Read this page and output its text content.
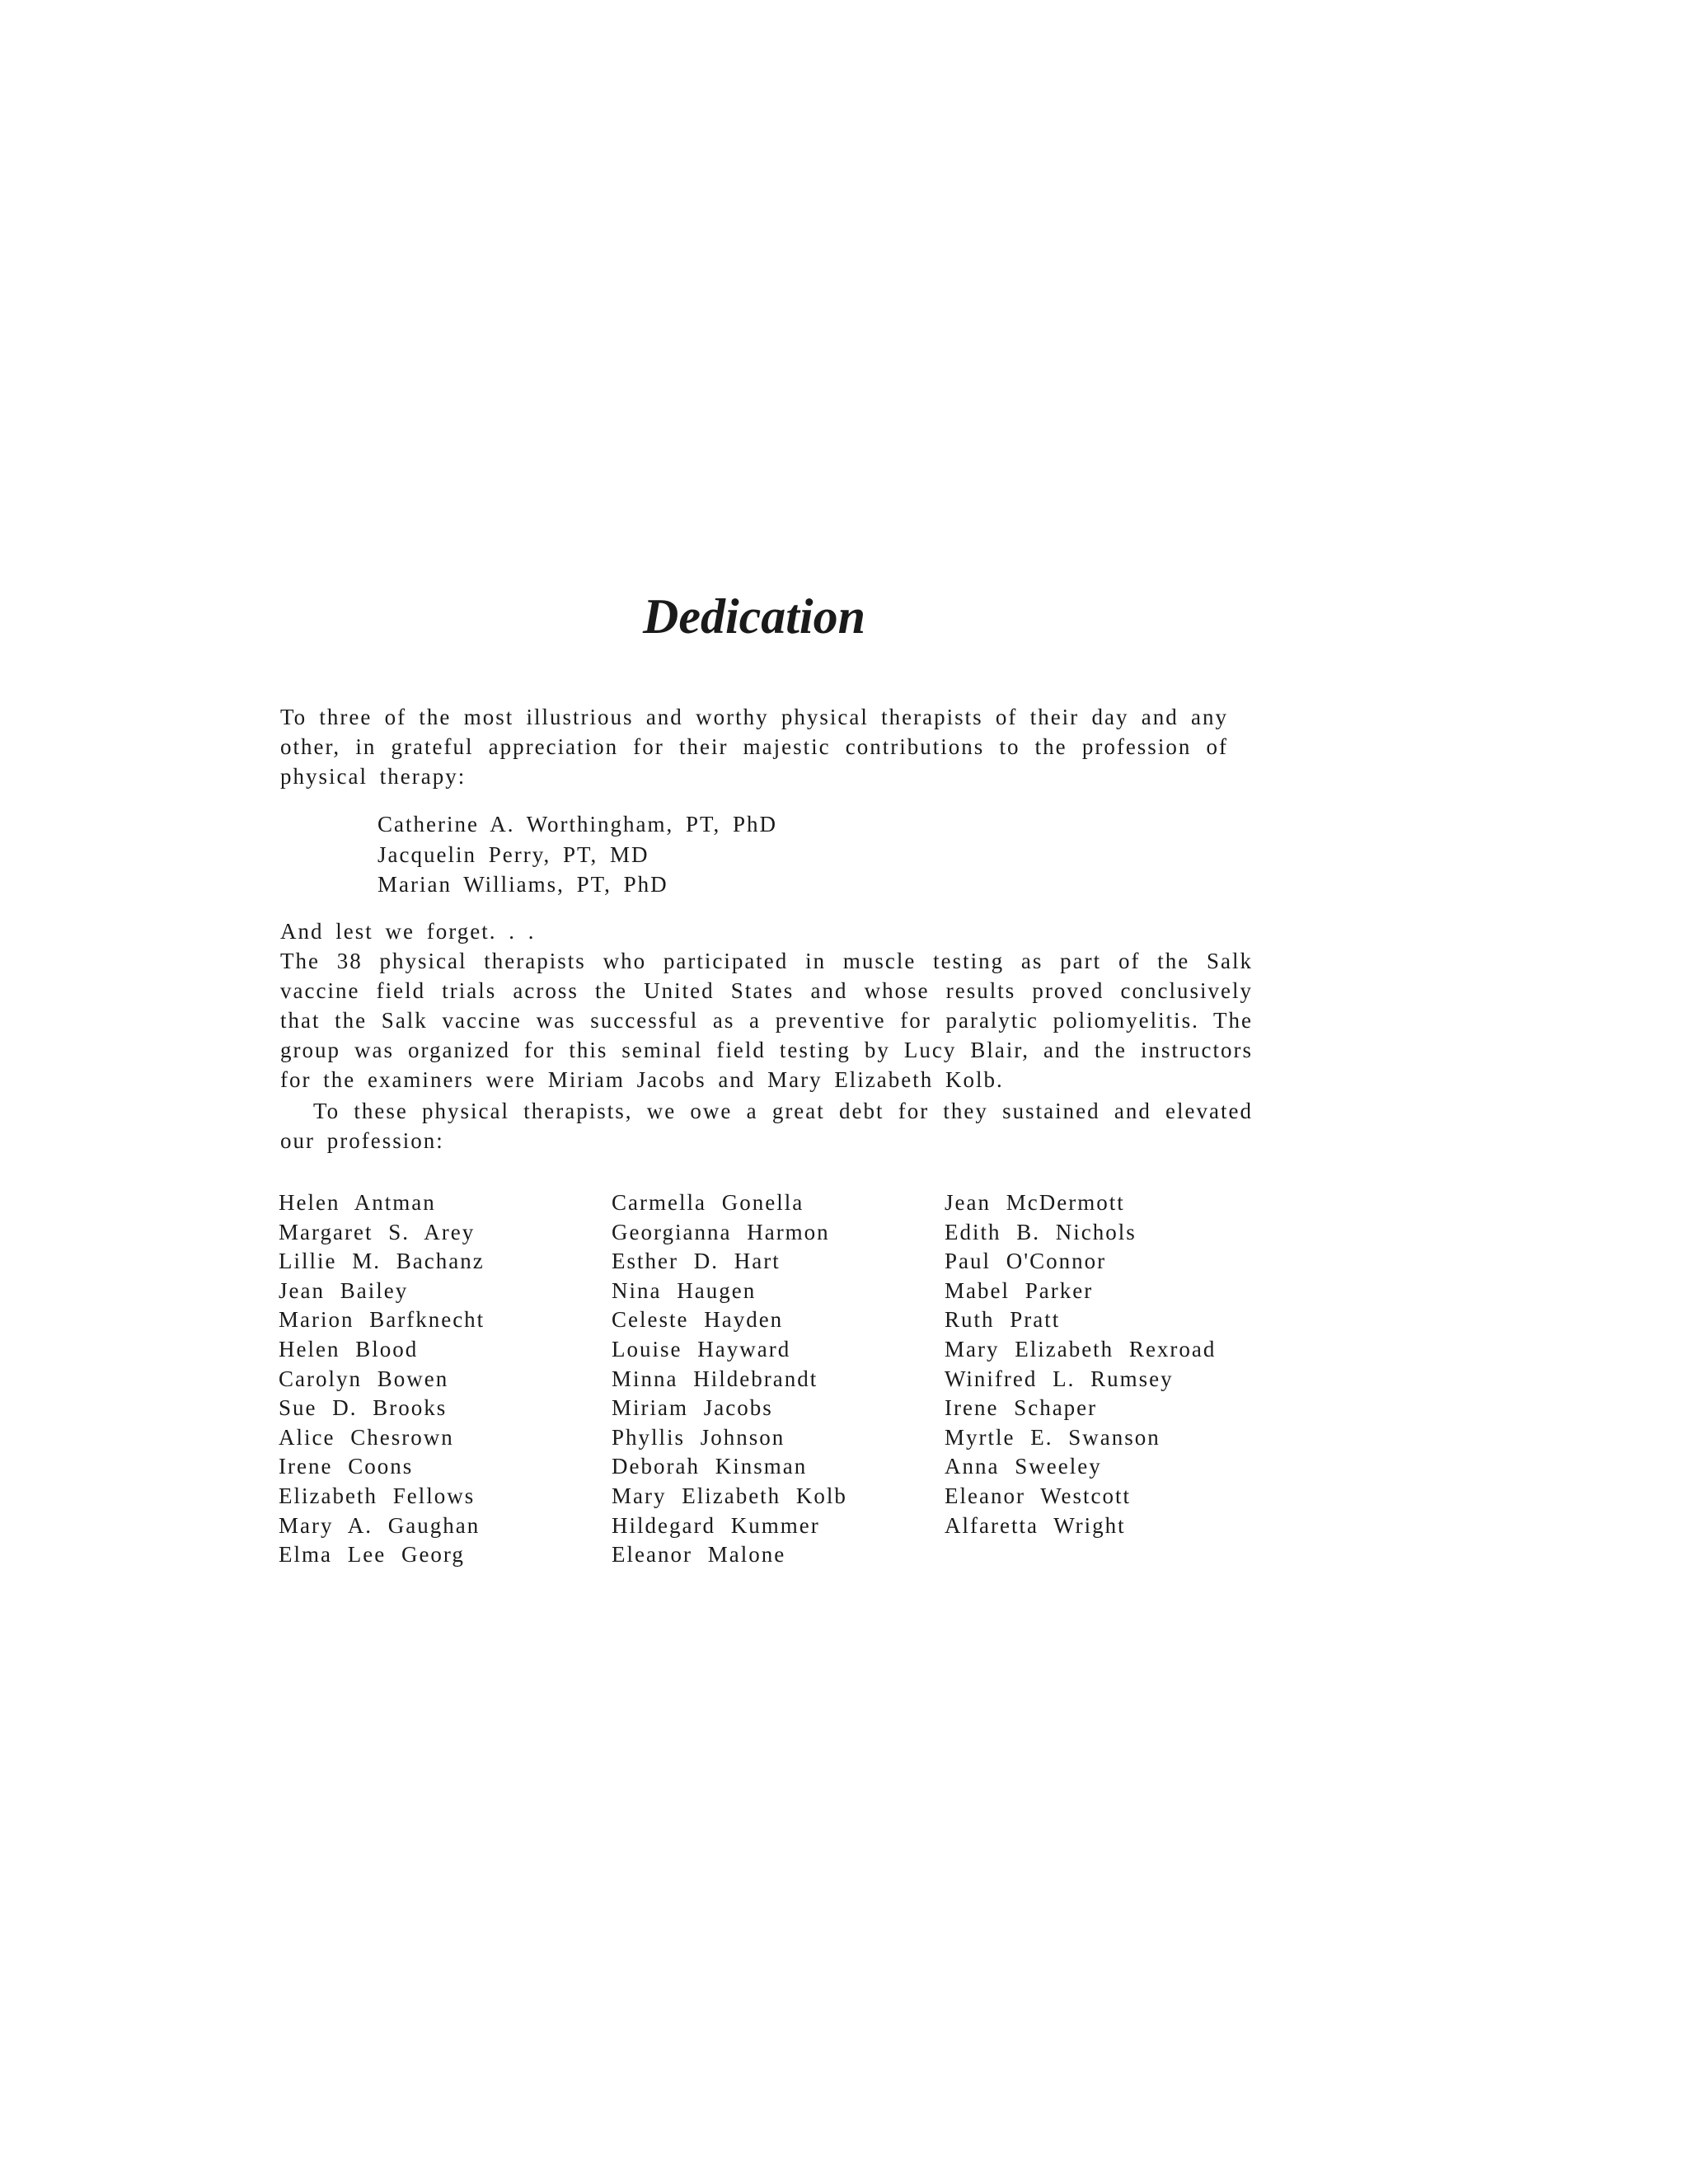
Dedication

To three of the most illustrious and worthy physical therapists of their day and any other, in grateful appreciation for their majestic contributions to the profession of physical therapy:

Catherine A. Worthingham, PT, PhD
Jacquelin Perry, PT, MD
Marian Williams, PT, PhD

And lest we forget. . .

The 38 physical therapists who participated in muscle testing as part of the Salk vaccine field trials across the United States and whose results proved conclusively that the Salk vaccine was successful as a preventive for paralytic poliomyelitis. The group was organized for this seminal field testing by Lucy Blair, and the instructors for the examiners were Miriam Jacobs and Mary Elizabeth Kolb.

To these physical therapists, we owe a great debt for they sustained and elevated our profession:

Helen Antman
Margaret S. Arey
Lillie M. Bachanz
Jean Bailey
Marion Barfknecht
Helen Blood
Carolyn Bowen
Sue D. Brooks
Alice Chesrown
Irene Coons
Elizabeth Fellows
Mary A. Gaughan
Elma Lee Georg
Carmella Gonella
Georgianna Harmon
Esther D. Hart
Nina Haugen
Celeste Hayden
Louise Hayward
Minna Hildebrandt
Miriam Jacobs
Phyllis Johnson
Deborah Kinsman
Mary Elizabeth Kolb
Hildegard Kummer
Eleanor Malone
Jean McDermott
Edith B. Nichols
Paul O'Connor
Mabel Parker
Ruth Pratt
Mary Elizabeth Rexroad
Winifred L. Rumsey
Irene Schaper
Myrtle E. Swanson
Anna Sweeley
Eleanor Westcott
Alfaretta Wright
